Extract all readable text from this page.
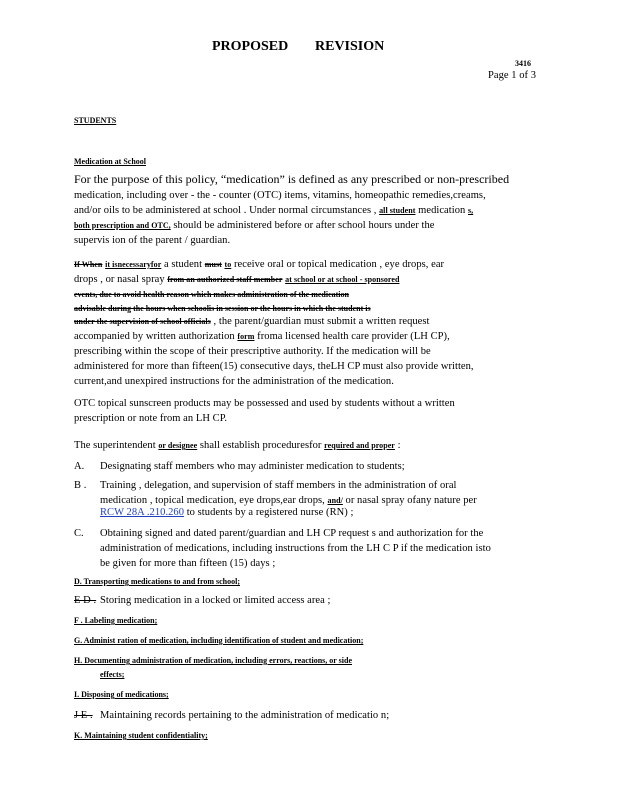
PROPOSED REVISION
3416
Page 1 of 3
STUDENTS
Medication at School
For the purpose of this policy, “medication” is defined as any prescribed or non-prescribed
medication, including over - the - counter (OTC) items, vitamins, homeopathic remedies,creams,
and/or oils to be administered at school . Under normal circumstances , all student medication s,
both prescription and OTC, should be administered before or after school hours under the
supervis ion of the parent / guardian.
If When it isnecessaryfor a student must to receive oral or topical medication , eye drops, ear
drops , or nasal spray from an authorized staff member at school or at school - sponsored
events, due to avoid health reason which makes administration of the medication
advisable during the hours when schoolis in session or the hours in which the student is
under the supervision of school officials , the parent/guardian must submit a written request
accompanied by written authorization form froma licensed health care provider (LH CP),
prescribing within the scope of their prescriptive authority. If the medication will be
administered for more than fifteen(15) consecutive days, theLH CP must also provide written,
current,and unexpired instructions for the administration of the medication.
OTC topical sunscreen products may be possessed and used by students without a written
prescription or note from an LH CP.
The superintendent or designee shall establish proceduresfor required and proper :
A. Designating staff members who may administer medication to students;
B . Training , delegation, and supervision of staff members in the administration of oral
medication , topical medication, eye drops,ear drops, and/ or nasal spray ofany nature per
RCW 28A .210.260 to students by a registered nurse (RN) ;
C. Obtaining signed and dated parent/guardian and LH CP request s and authorization for the
administration of medications, including instructions from the LH C P if the medication isto
be given for more than fifteen (15) days ;
D. Transporting medications to and from school;
E D . Storing medication in a locked or limited access area ;
F . Labeling medication;
G. Administ ration of medication, including identification of student and medication;
H. Documenting administration of medication, including errors, reactions, or side
effects;
I. Disposing of medications;
J E . Maintaining records pertaining to the administration of medicatio n;
K. Maintaining student confidentiality;
